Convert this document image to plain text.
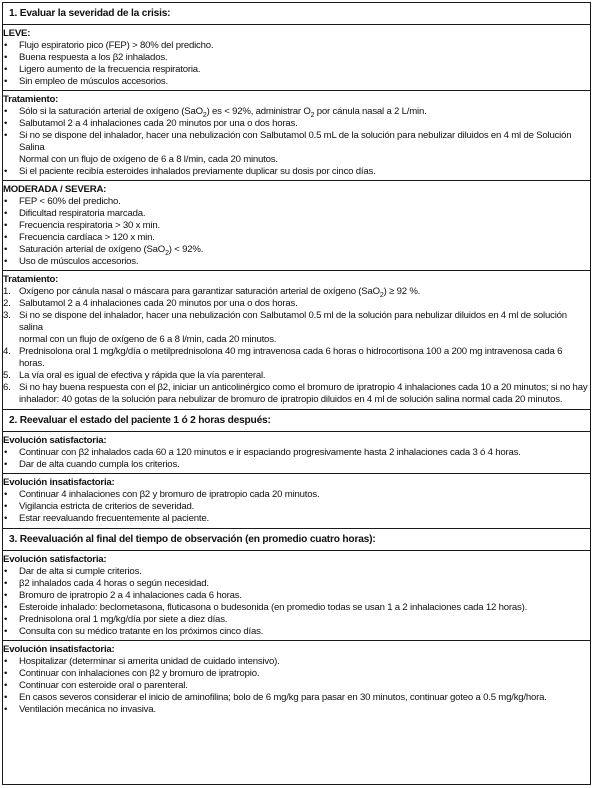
1. Evaluar la severidad de la crisis:
LEVE:
•	Flujo espiratorio pico (FEP) > 80% del predicho.
•	Buena respuesta a los β2 inhalados.
•	Ligero aumento de la frecuencia respiratoria.
•	Sin empleo de músculos accesorios.
Tratamiento:
•	Sólo si la saturación arterial de oxígeno (SaO$_2$) es < 92%, administrar $O_2$ por cánula nasal a 2 L/min.
•	Salbutamol 2 a 4 inhalaciones cada 20 minutos por una o dos horas.
•	Si no se dispone del inhalador, hacer una nebulización con Salbutamol 0.5 mL de la solución para nebulizar diluidos en 4 ml de Solución Salina
Normal con un flujo de oxígeno de 6 a 8 l/min, cada 20 minutos.
•	Si el paciente recibía esteroides inhalados previamente duplicar su dosis por cinco días.
MODERADA / SEVERA:
•	FEP < 60% del predicho.
•	Dificultad respiratoria marcada.
•	Frecuencia respiratoria > 30 x min.
•	Frecuencia cardíaca > 120 x min.
•	Saturación arterial de oxígeno (SaO$_2$) < 92%.
•	Uso de músculos accesorios.
Tratamiento:
1. Oxígeno por cánula nasal o máscara para garantizar saturación arterial de oxígeno (SaO$_2$) ≥ 92 %.
2. Salbutamol 2 a 4 inhalaciones cada 20 minutos por una o dos horas.
3. Si no se dispone del inhalador, hacer una nebulización con Salbutamol 0.5 ml de la solución para nebulizar diluidos en 4 ml de solución salina
normal con un flujo de oxígeno de 6 a 8 l/min, cada 20 minutos.
4. Prednisolona oral 1 mg/kg/día o metilprednisolona 40 mg intravenosa cada 6 horas o hidrocortisona 100 a 200 mg intravenosa cada 6 horas.
5. La vía oral es igual de efectiva y rápida que la vía parenteral.
6. Si no hay buena respuesta con el β2, iniciar un anticolinérgico como el bromuro de ipratropio 4 inhalaciones cada 10 a 20 minutos; si no hay
inhalador: 40 gotas de la solución para nebulizar de bromuro de ipratropio diluidos en 4 ml de solución salina normal cada 20 minutos.
2. Reevaluar el estado del paciente 1 ó 2 horas después:
Evolución satisfactoria:
•	Continuar con β2 inhalados cada 60 a 120 minutos e ir espaciando progresivamente hasta 2 inhalaciones cada 3 ó 4 horas.
•	Dar de alta cuando cumpla los criterios.
Evolución insatisfactoria:
•	Continuar 4 inhalaciones con β2 y bromuro de ipratropio cada 20 minutos.
•	Vigilancia estricta de criterios de severidad.
•	Estar reevaluando frecuentemente al paciente.
3. Reevaluación al final del tiempo de observación (en promedio cuatro horas):
Evolución satisfactoria:
•	Dar de alta si cumple criterios.
•	β2 inhalados cada 4 horas o según necesidad.
•	Bromuro de ipratropio 2 a 4 inhalaciones cada 6 horas.
•	Esteroide inhalado: beclometasona, fluticasona o budesonida (en promedio todas se usan 1 a 2 inhalaciones cada 12 horas).
•	Prednisolona oral 1 mg/kg/día por siete a diez días.
•	Consulta con su médico tratante en los próximos cinco días.
Evolución insatisfactoria:
•	Hospitalizar (determinar si amerita unidad de cuidado intensivo).
•	Continuar con inhalaciones con β2 y bromuro de ipratropio.
•	Continuar con esteroide oral o parenteral.
•	En casos severos considerar el inicio de aminofilina; bolo de 6 mg/kg para pasar en 30 minutos, continuar goteo a 0.5 mg/kg/hora.
•	Ventilación mecánica no invasiva.
